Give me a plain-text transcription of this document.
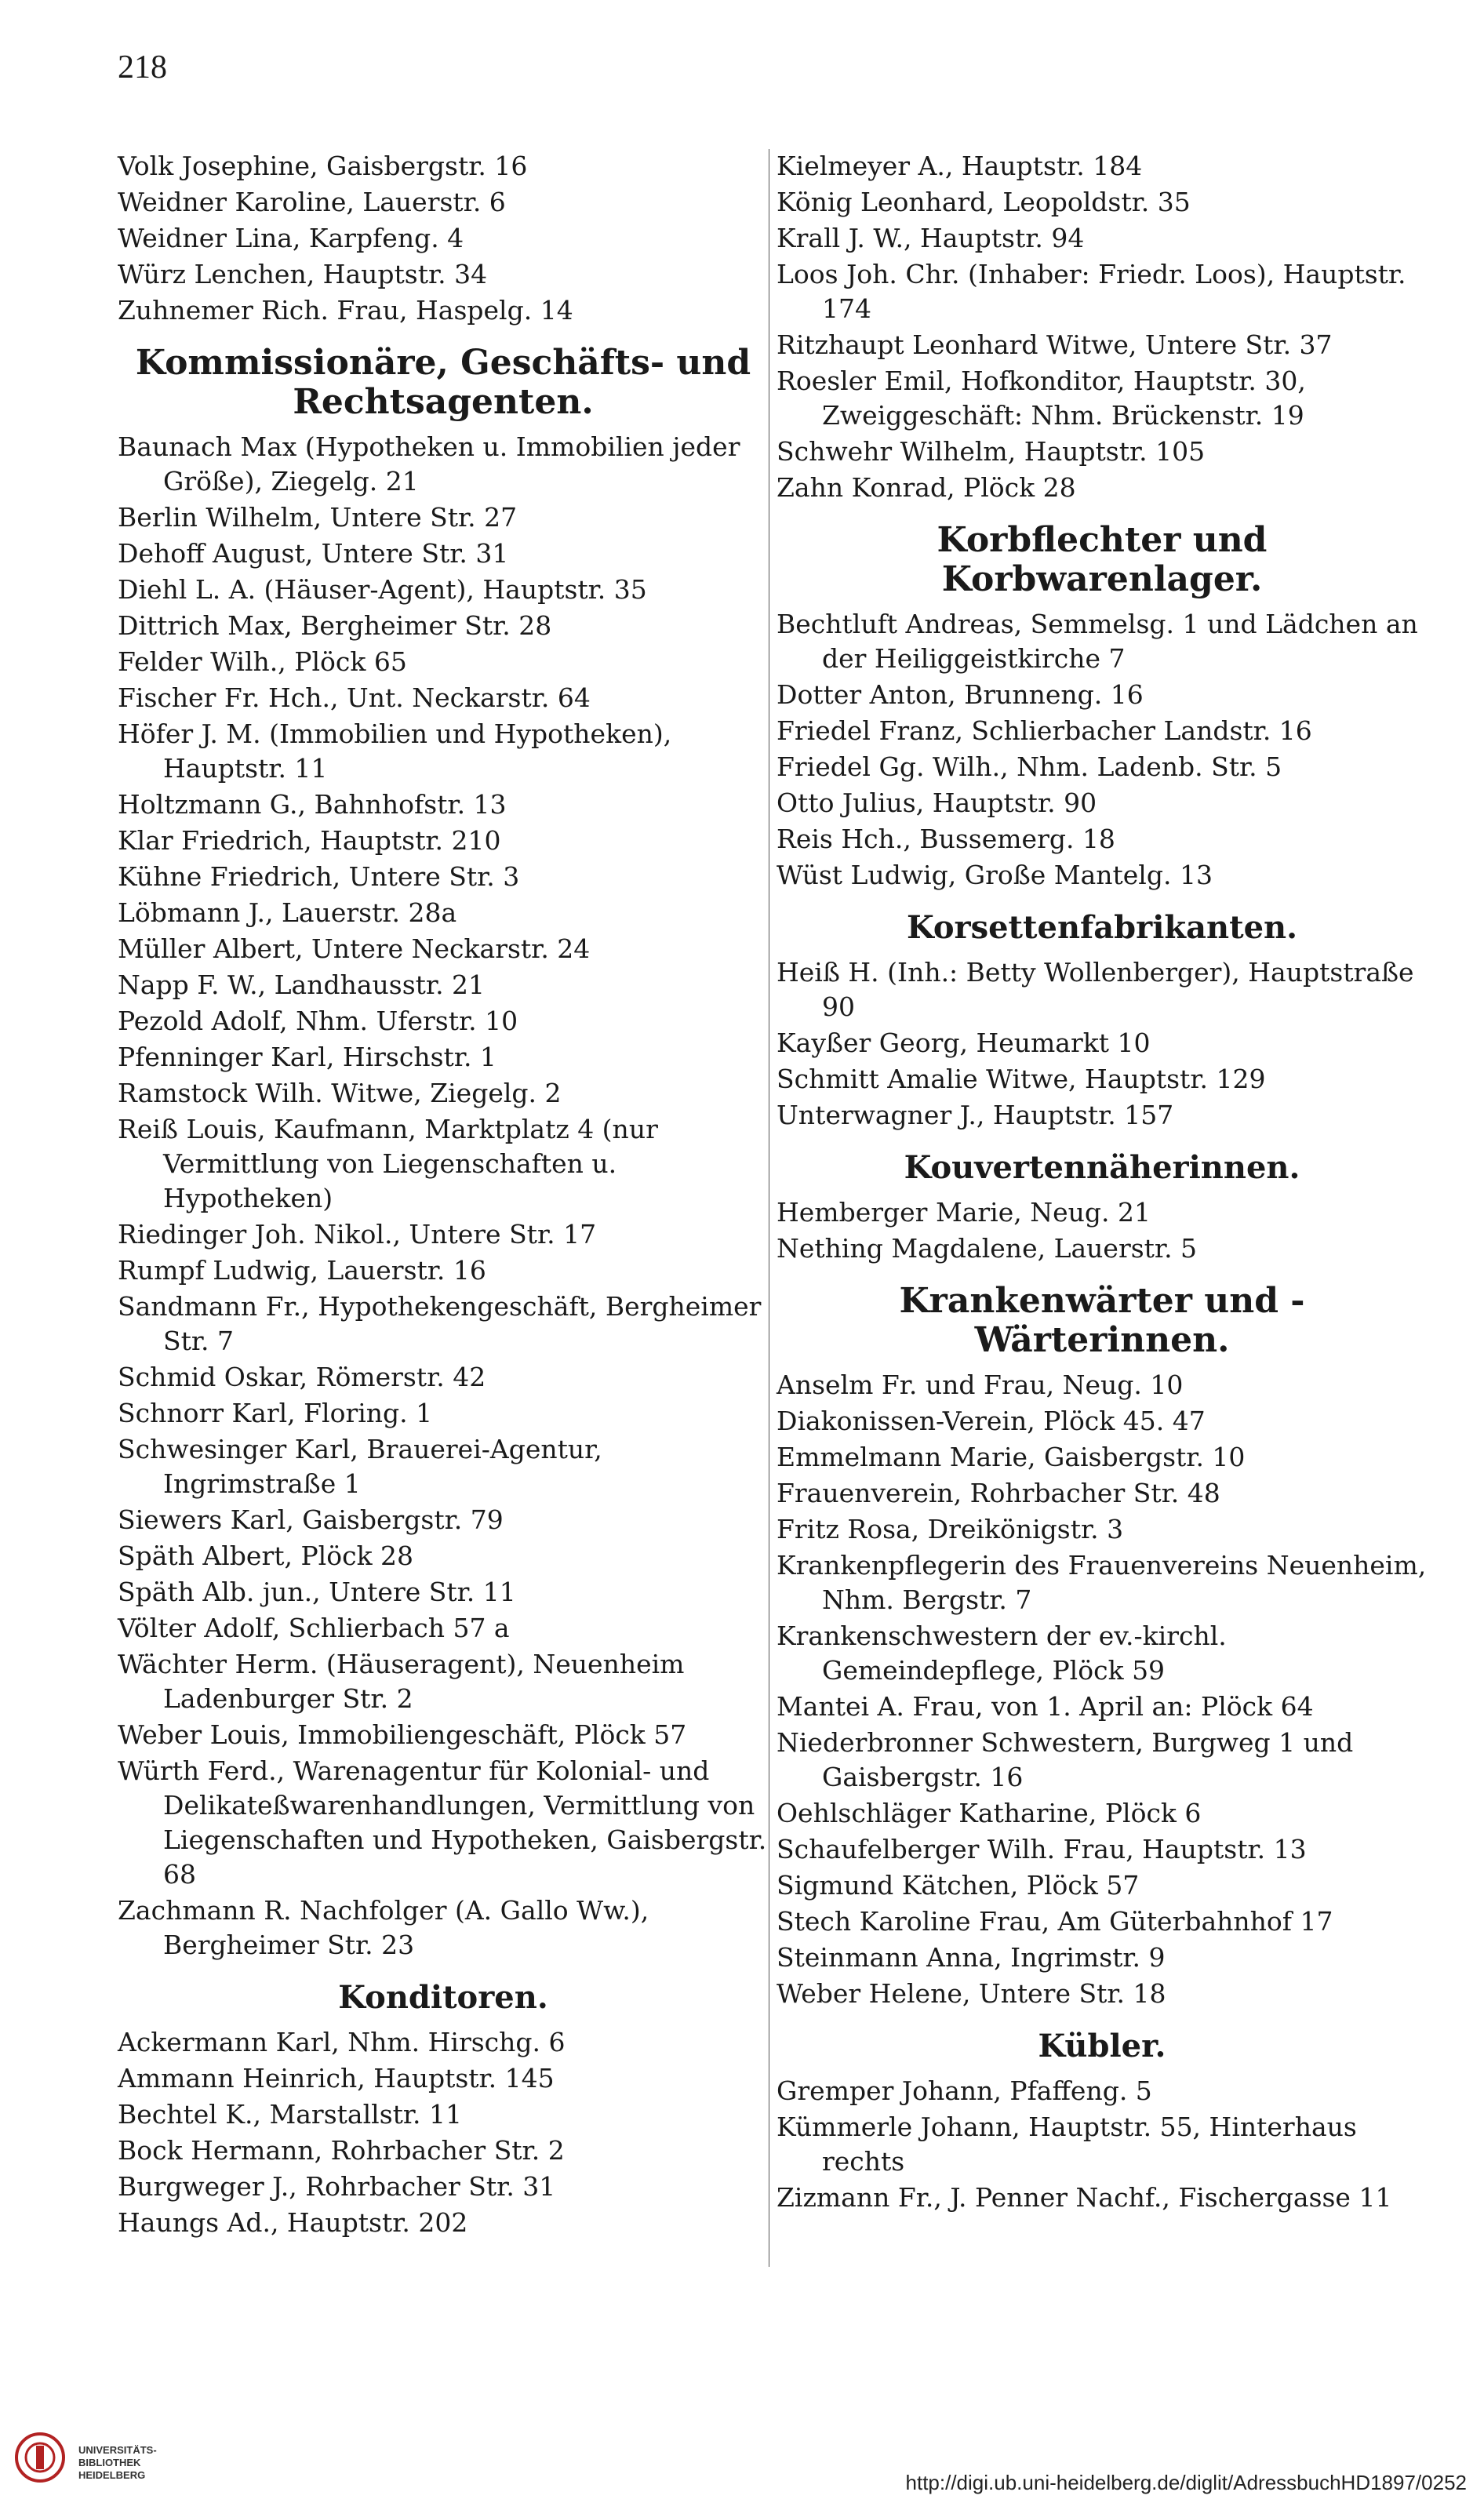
218
Volk Josephine, Gaisbergstr. 16
Weidner Karoline, Lauerstr. 6
Weidner Lina, Karpfeng. 4
Würz Lenchen, Hauptstr. 34
Zuhnemer Rich. Frau, Haspelg. 14
Kommissionäre, Geschäfts- und Rechtsagenten.
Baunach Max (Hypotheken u. Immobilien jeder Größe), Ziegelg. 21
Berlin Wilhelm, Untere Str. 27
Dehoff August, Untere Str. 31
Diehl L. A. (Häuser-Agent), Hauptstr. 35
Dittrich Max, Bergheimer Str. 28
Felder Wilh., Plöck 65
Fischer Fr. Hch., Unt. Neckarstr. 64
Höfer J. M. (Immobilien und Hypotheken), Hauptstr. 11
Holtzmann G., Bahnhofstr. 13
Klar Friedrich, Hauptstr. 210
Kühne Friedrich, Untere Str. 3
Löbmann J., Lauerstr. 28a
Müller Albert, Untere Neckarstr. 24
Napp F. W., Landhausstr. 21
Pezold Adolf, Nhm. Uferstr. 10
Pfenninger Karl, Hirschstr. 1
Ramstock Wilh. Witwe, Ziegelg. 2
Reiß Louis, Kaufmann, Marktplatz 4 (nur Vermittlung von Liegenschaften u. Hypotheken)
Riedinger Joh. Nikol., Untere Str. 17
Rumpf Ludwig, Lauerstr. 16
Sandmann Fr., Hypothekengeschäft, Bergheimer Str. 7
Schmid Oskar, Römerstr. 42
Schnorr Karl, Floring. 1
Schwesinger Karl, Brauerei-Agentur, Ingrimstraße 1
Siewers Karl, Gaisbergstr. 79
Späth Albert, Plöck 28
Späth Alb. jun., Untere Str. 11
Völter Adolf, Schlierbach 57 a
Wächter Herm. (Häuseragent), Neuenheim Ladenburger Str. 2
Weber Louis, Immobiliengeschäft, Plöck 57
Würth Ferd., Warenagentur für Kolonial- und Delikateßwarenhandlungen, Vermittlung von Liegenschaften und Hypotheken, Gaisbergstr. 68
Zachmann R. Nachfolger (A. Gallo Ww.), Bergheimer Str. 23
Konditoren.
Ackermann Karl, Nhm. Hirschg. 6
Ammann Heinrich, Hauptstr. 145
Bechtel K., Marstallstr. 11
Bock Hermann, Rohrbacher Str. 2
Burgweger J., Rohrbacher Str. 31
Haungs Ad., Hauptstr. 202
Kielmeyer A., Hauptstr. 184
König Leonhard, Leopoldstr. 35
Krall J. W., Hauptstr. 94
Loos Joh. Chr. (Inhaber: Friedr. Loos), Hauptstr. 174
Ritzhaupt Leonhard Witwe, Untere Str. 37
Roesler Emil, Hofkonditor, Hauptstr. 30, Zweiggeschäft: Nhm. Brückenstr. 19
Schwehr Wilhelm, Hauptstr. 105
Zahn Konrad, Plöck 28
Korbflechter und Korbwarenlager.
Bechtluft Andreas, Semmelsg. 1 und Lädchen an der Heiliggeistkirche 7
Dotter Anton, Brunneng. 16
Friedel Franz, Schlierbacher Landstr. 16
Friedel Gg. Wilh., Nhm. Ladenb. Str. 5
Otto Julius, Hauptstr. 90
Reis Hch., Bussemerg. 18
Wüst Ludwig, Große Mantelg. 13
Korsettenfabrikanten.
Heiß H. (Inh.: Betty Wollenberger), Hauptstraße 90
Kayßer Georg, Heumarkt 10
Schmitt Amalie Witwe, Hauptstr. 129
Unterwagner J., Hauptstr. 157
Kouvertennäherinnen.
Hemberger Marie, Neug. 21
Nething Magdalene, Lauerstr. 5
Krankenwärter und -Wärterinnen.
Anselm Fr. und Frau, Neug. 10
Diakonissen-Verein, Plöck 45. 47
Emmelmann Marie, Gaisbergstr. 10
Frauenverein, Rohrbacher Str. 48
Fritz Rosa, Dreikönigstr. 3
Krankenpflegerin des Frauenvereins Neuenheim, Nhm. Bergstr. 7
Krankenschwestern der ev.-kirchl. Gemeindepflege, Plöck 59
Mantei A. Frau, von 1. April an: Plöck 64
Niederbronner Schwestern, Burgweg 1 und Gaisbergstr. 16
Oehlschläger Katharine, Plöck 6
Schaufelberger Wilh. Frau, Hauptstr. 13
Sigmund Kätchen, Plöck 57
Stech Karoline Frau, Am Güterbahnhof 17
Steinmann Anna, Ingrimstr. 9
Weber Helene, Untere Str. 18
Kübler.
Gremper Johann, Pfaffeng. 5
Kümmerle Johann, Hauptstr. 55, Hinterhaus rechts
Zizmann Fr., J. Penner Nachf., Fischergasse 11
UNIVERSITÄTS-
BIBLIOTHEK
HEIDELBERG	http://digi.ub.uni-heidelberg.de/diglit/AdressbuchHD1897/0252
